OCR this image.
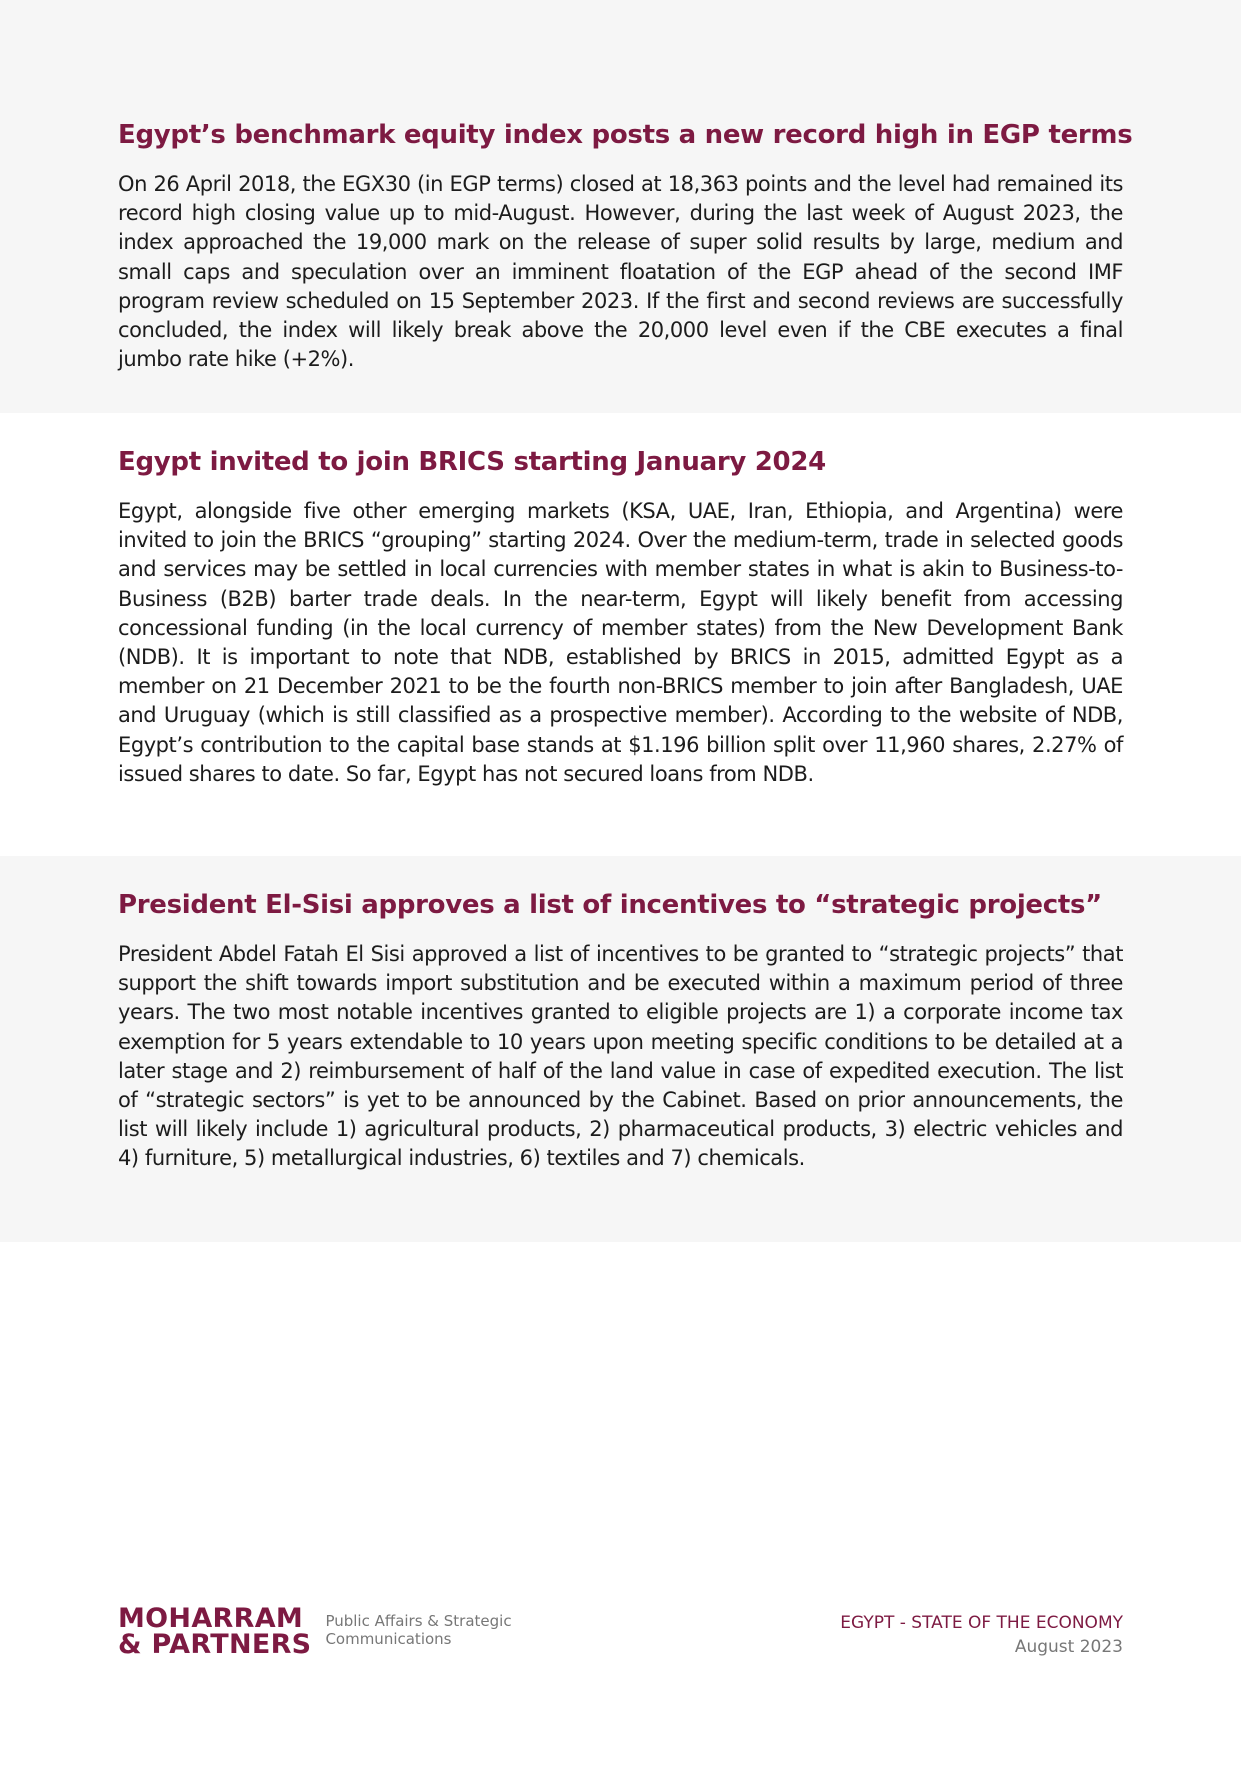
Egypt’s benchmark equity index posts a new record high in EGP terms

On 26 April 2018, the EGX30 (in EGP terms) closed at 18,363 points and the level had remained its record high closing value up to mid-August. However, during the last week of August 2023, the index approached the 19,000 mark on the release of super solid results by large, medium and small caps and speculation over an imminent floatation of the EGP ahead of the second IMF program review scheduled on 15 September 2023. If the first and second reviews are successfully concluded, the index will likely break above the 20,000 level even if the CBE executes a final jumbo rate hike (+2%).

Egypt invited to join BRICS starting January 2024

Egypt, alongside five other emerging markets (KSA, UAE, Iran, Ethiopia, and Argentina) were invited to join the BRICS “grouping” starting 2024. Over the medium-term, trade in selected goods and services may be settled in local currencies with member states in what is akin to Business-to-Business (B2B) barter trade deals. In the near-term, Egypt will likely benefit from accessing concessional funding (in the local currency of member states) from the New Development Bank (NDB). It is important to note that NDB, established by BRICS in 2015, admitted Egypt as a member on 21 December 2021 to be the fourth non-BRICS member to join after Bangladesh, UAE and Uruguay (which is still classified as a prospective member). According to the website of NDB, Egypt’s contribution to the capital base stands at $1.196 billion split over 11,960 shares, 2.27% of issued shares to date. So far, Egypt has not secured loans from NDB.

President El-Sisi approves a list of incentives to “strategic projects”

President Abdel Fatah El Sisi approved a list of incentives to be granted to “strategic projects” that support the shift towards import substitution and be executed within a maximum period of three years. The two most notable incentives granted to eligible projects are 1) a corporate income tax exemption for 5 years extendable to 10 years upon meeting specific conditions to be detailed at a later stage and 2) reimbursement of half of the land value in case of expedited execution. The list of “strategic sectors” is yet to be announced by the Cabinet. Based on prior announcements, the list will likely include 1) agricultural products, 2) pharmaceutical products, 3) electric vehicles and 4) furniture, 5) metallurgical industries, 6) textiles and 7) chemicals.

MOHARRAM
& PARTNERS
Public Affairs & Strategic
Communications
EGYPT - STATE OF THE ECONOMY
August 2023
